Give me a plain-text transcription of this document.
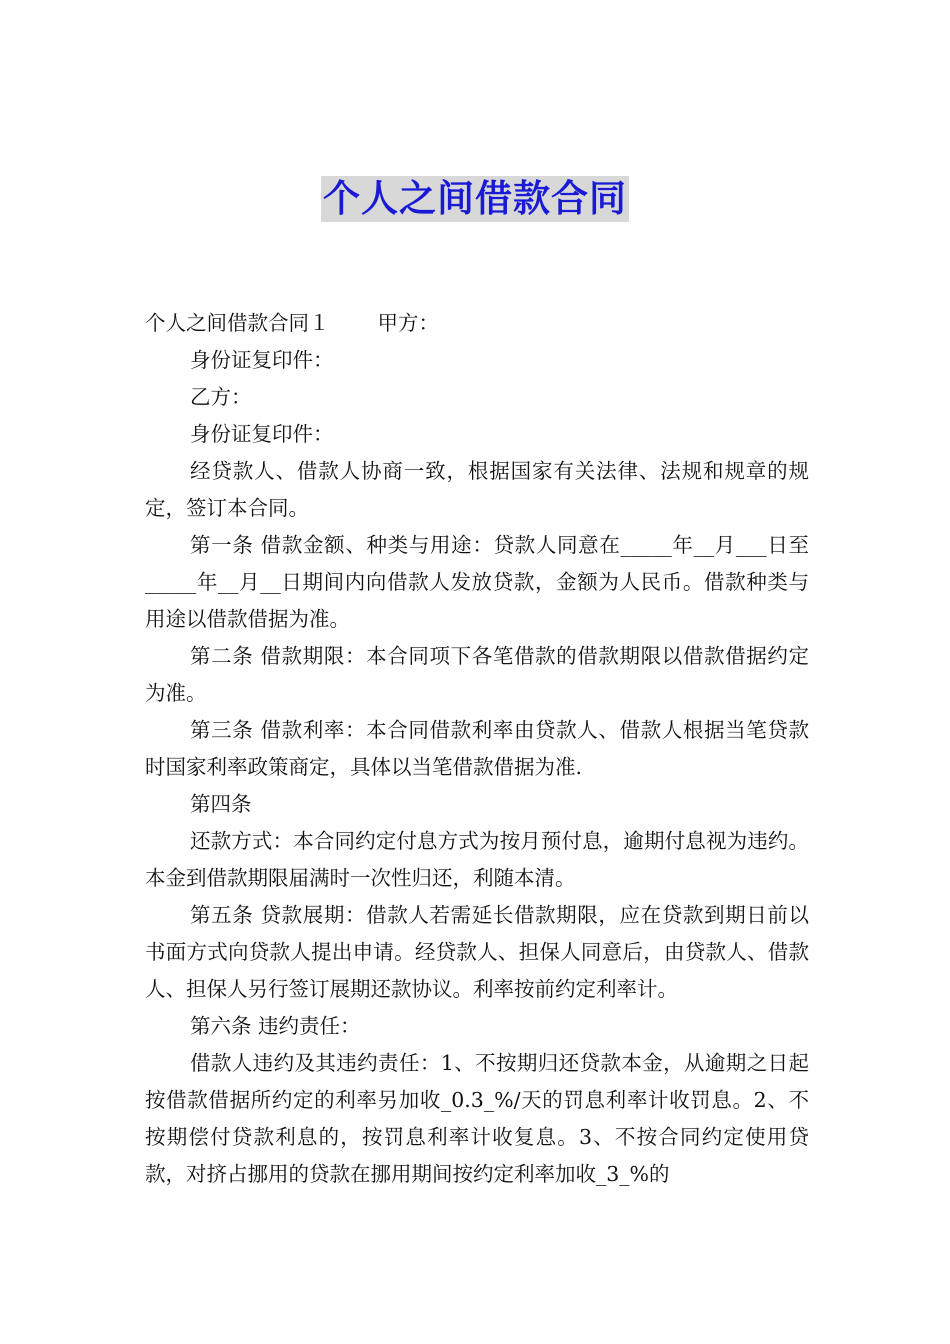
个人之间借款合同

个人之间借款合同１ 甲方：

身份证复印件：

乙方：

身份证复印件：

经贷款人、借款人协商一致，根据国家有关法律、法规和规章的规定，签订本合同。

第一条 借款金额、种类与用途：贷款人同意在_____年__月___日至_____年__月__日期间内向借款人发放贷款，金额为人民币。借款种类与用途以借款借据为准。

第二条 借款期限：本合同项下各笔借款的借款期限以借款借据约定为准。

第三条 借款利率：本合同借款利率由贷款人、借款人根据当笔贷款时国家利率政策商定，具体以当笔借款借据为准.

第四条

还款方式：本合同约定付息方式为按月预付息，逾期付息视为违约。本金到借款期限届满时一次性归还，利随本清。

第五条 贷款展期：借款人若需延长借款期限，应在贷款到期日前以书面方式向贷款人提出申请。经贷款人、担保人同意后，由贷款人、借款人、担保人另行签订展期还款协议。利率按前约定利率计。

第六条 违约责任：

借款人违约及其违约责任：1、不按期归还贷款本金，从逾期之日起按借款借据所约定的利率另加收_0.3_%/天的罚息利率计收罚息。2、不按期偿付贷款利息的，按罚息利率计收复息。3、不按合同约定使用贷款，对挤占挪用的贷款在挪用期间按约定利率加收_3_%的
